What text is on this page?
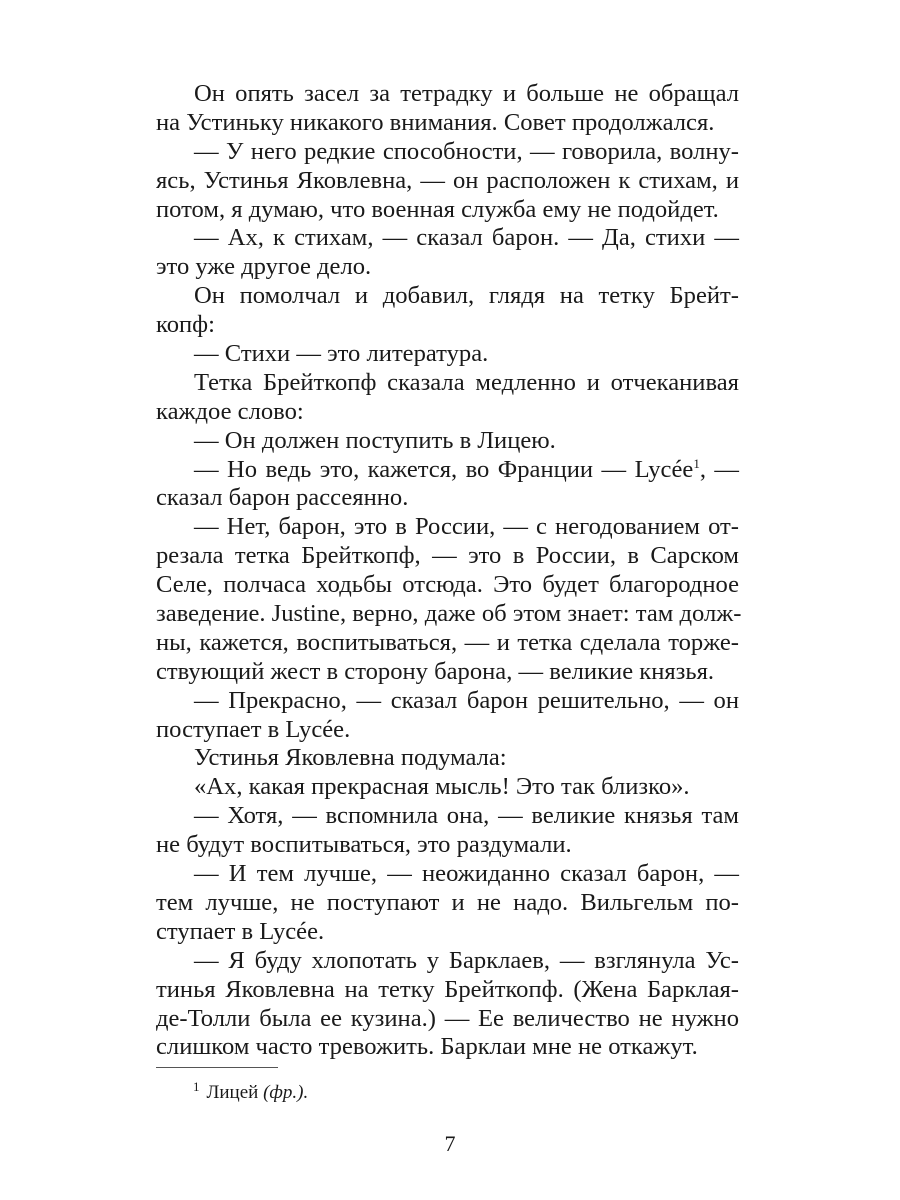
Он опять засел за тетрадку и больше не обращал
на Устиньку никакого внимания. Совет продолжался.
— У него редкие способности, — говорила, волну-
ясь, Устинья Яковлевна, — он расположен к стихам, и
потом, я думаю, что военная служба ему не подойдет.
— Ах, к стихам, — сказал барон. — Да, стихи —
это уже другое дело.
Он помолчал и добавил, глядя на тетку Брейт-
копф:
— Стихи — это литература.
Тетка Брейткопф сказала медленно и отчеканивая
каждое слово:
— Он должен поступить в Лицею.
— Но ведь это, кажется, во Франции — Lycée$^1$, —
сказал барон рассеянно.
— Нет, барон, это в России, — с негодованием от-
резала тетка Брейткопф, — это в России, в Сарском
Селе, полчаса ходьбы отсюда. Это будет благородное
заведение. Justine, верно, даже об этом знает: там долж-
ны, кажется, воспитываться, — и тетка сделала торже-
ствующий жест в сторону барона, — великие князья.
— Прекрасно, — сказал барон решительно, — он
поступает в Lycée.
Устинья Яковлевна подумала:
«Ах, какая прекрасная мысль! Это так близко».
— Хотя, — вспомнила она, — великие князья там
не будут воспитываться, это раздумали.
— И тем лучше, — неожиданно сказал барон, —
тем лучше, не поступают и не надо. Вильгельм по-
ступает в Lycée.
— Я буду хлопотать у Барклаев, — взглянула Ус-
тинья Яковлевна на тетку Брейткопф. (Жена Барклая-
де-Толли была ее кузина.) — Ее величество не нужно
слишком часто тревожить. Барклаи мне не откажут.
$^1$ Лицей (фр.).
7
